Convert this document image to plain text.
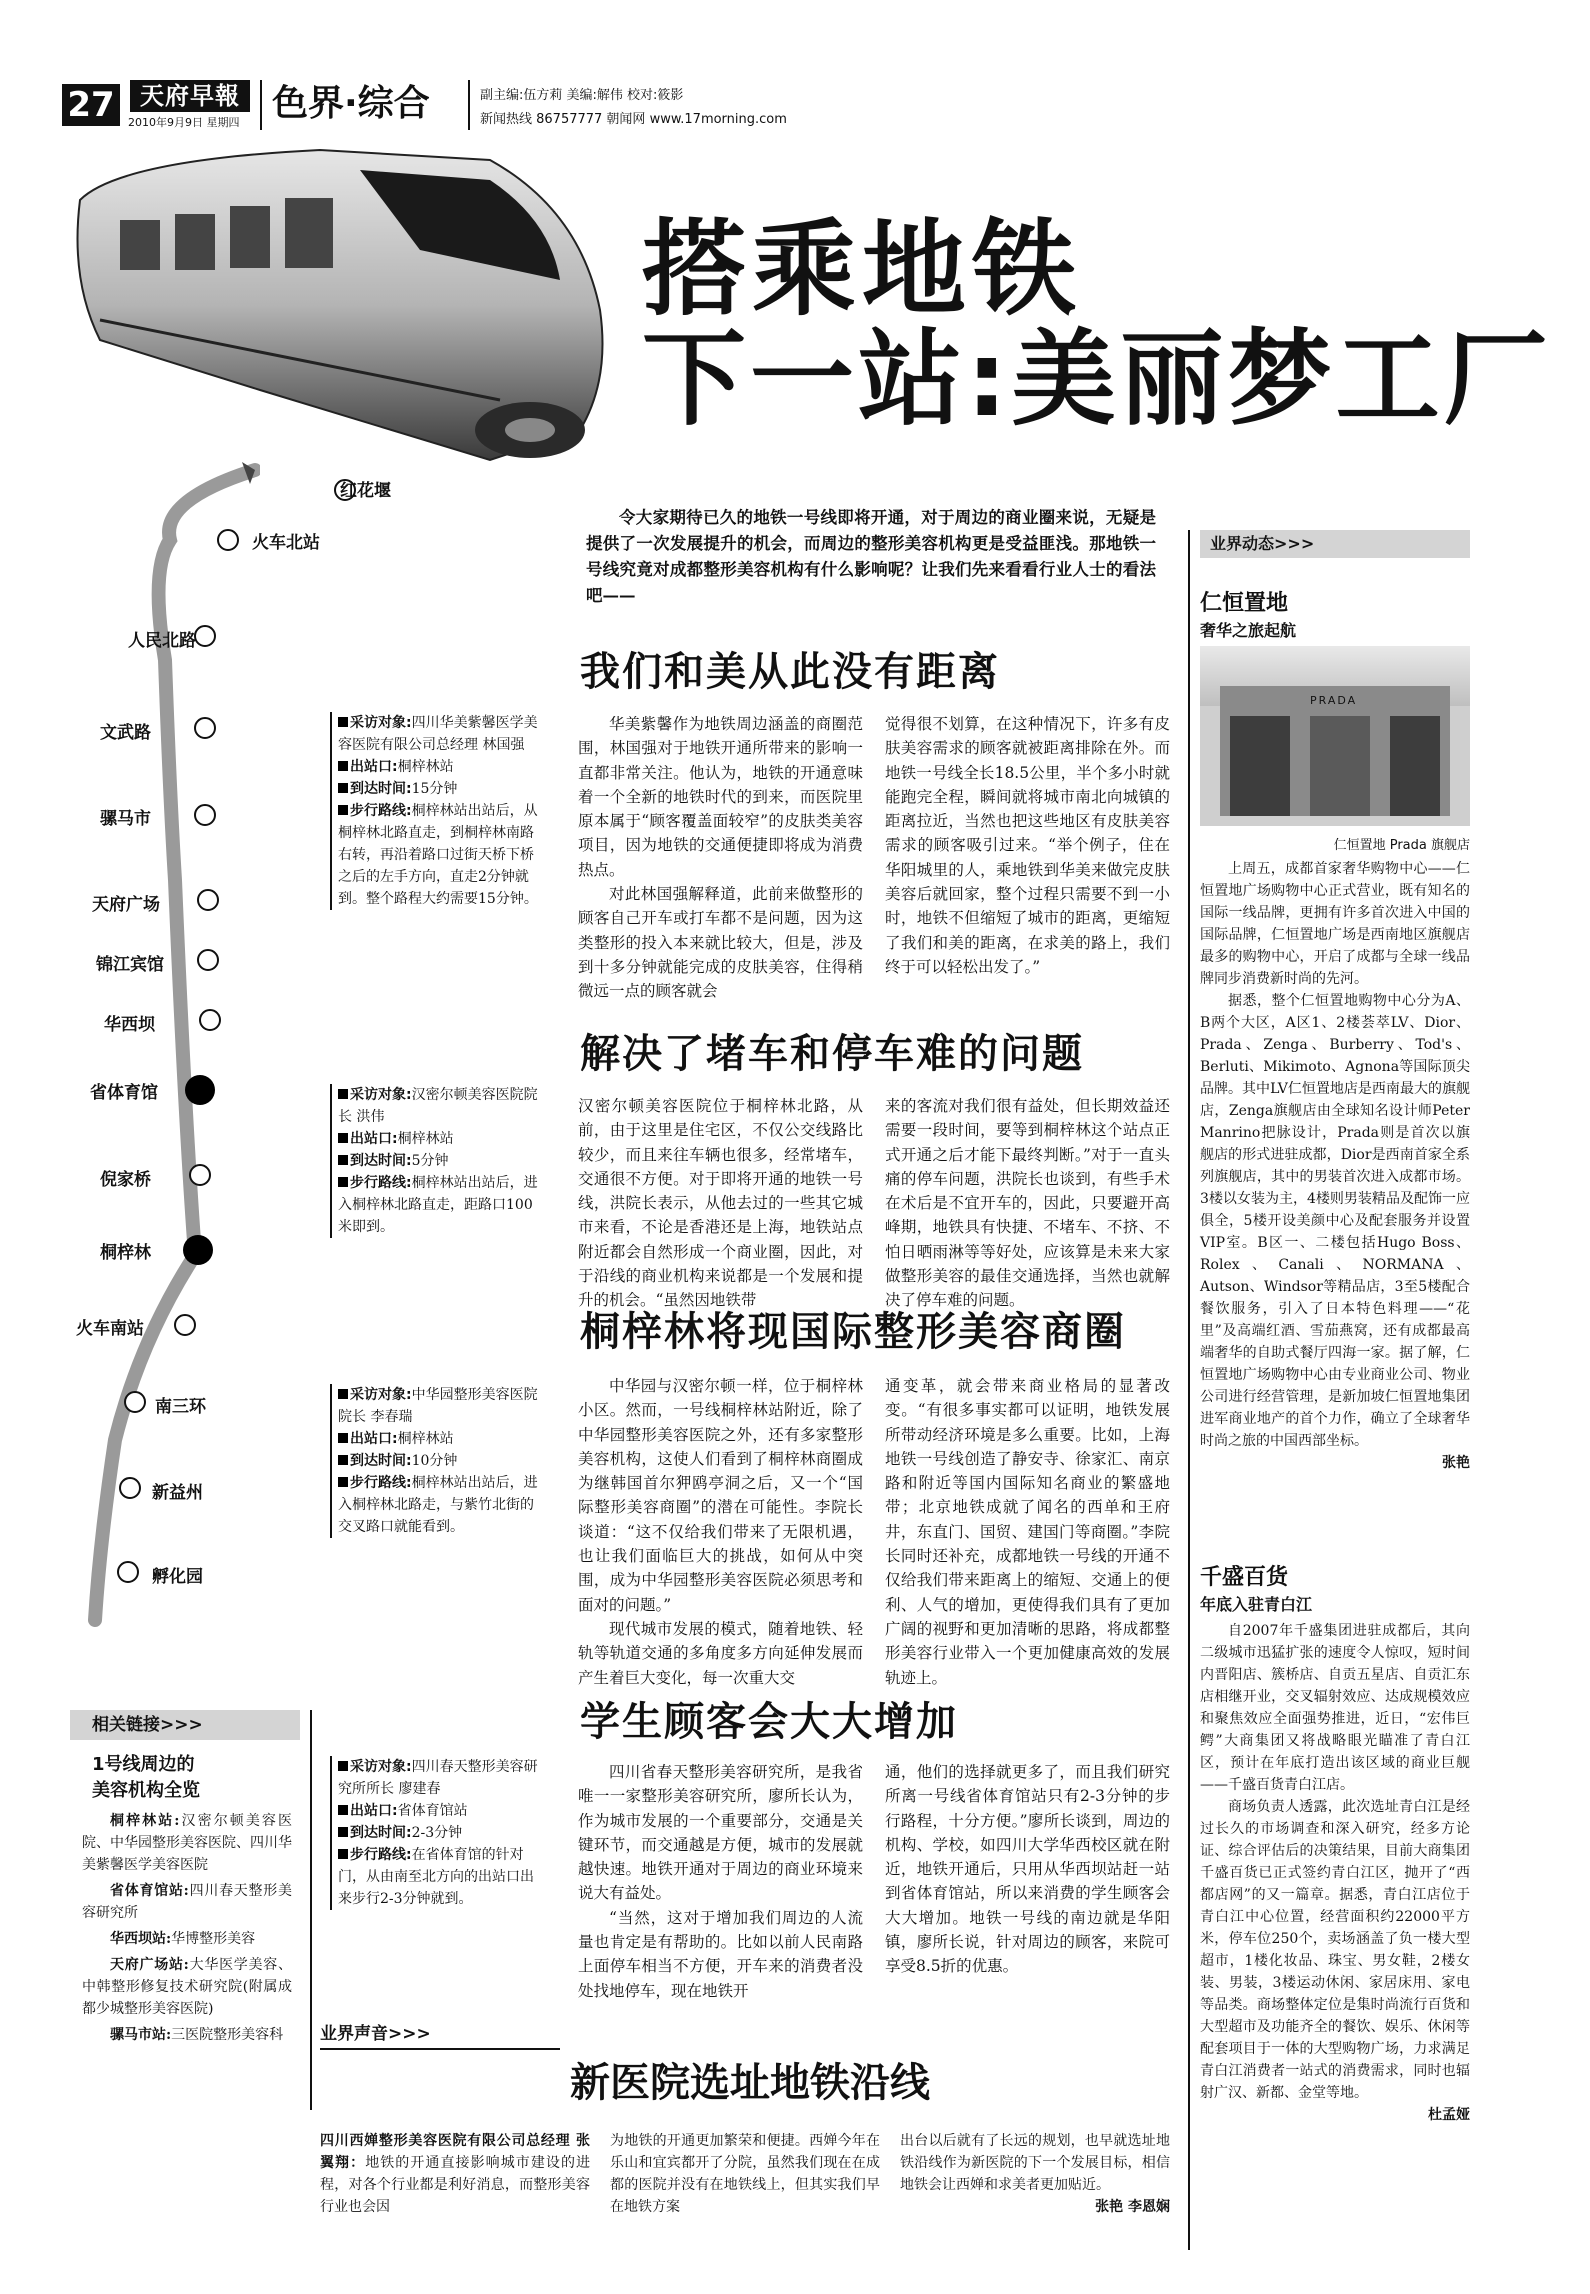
27	天府早報
2010年9月9日 星期四 色界·综合	副主编:伍方莉 美编:解伟 校对:筱影
新闻热线 86757777 朝闻网 www.17morning.com
搭乘地铁
下一站:美丽梦工厂
令大家期待已久的地铁一号线即将开通，对于周边的商业圈来说，无疑是提供了一次发展提升的机会，而周边的整形美容机构更是受益匪浅。那地铁一号线究竟对成都整形美容机构有什么影响呢？让我们先来看看行业人士的看法吧——
红花堰
火车北站
人民北路
文武路
骡马市
天府广场
锦江宾馆
华西坝
省体育馆
倪家桥
桐梓林
火车南站
南三环
新益州
孵化园
我们和美从此没有距离
采访对象:四川华美紫馨医学美容医院有限公司总经理 林国强
出站口:桐梓林站
到达时间:15分钟
步行路线:桐梓林站出站后，从桐梓林北路直走，到桐梓林南路右转，再沿着路口过街天桥下桥之后的左手方向，直走2分钟就到。整个路程大约需要15分钟。

华美紫馨作为地铁周边涵盖的商圈范围，林国强对于地铁开通所带来的影响一直都非常关注。他认为，地铁的开通意味着一个全新的地铁时代的到来，而医院里原本属于“顾客覆盖面较窄”的皮肤类美容项目，因为地铁的交通便捷即将成为消费热点。

对此林国强解释道，此前来做整形的顾客自己开车或打车都不是问题，因为这类整形的投入本来就比较大，但是，涉及到十多分钟就能完成的皮肤美容，住得稍微远一点的顾客就会

觉得很不划算，在这种情况下，许多有皮肤美容需求的顾客就被距离排除在外。而地铁一号线全长18.5公里，半个多小时就能跑完全程，瞬间就将城市南北向城镇的距离拉近，当然也把这些地区有皮肤美容需求的顾客吸引过来。“举个例子，住在华阳城里的人，乘地铁到华美来做完皮肤美容后就回家，整个过程只需要不到一小时，地铁不但缩短了城市的距离，更缩短了我们和美的距离，在求美的路上，我们终于可以轻松出发了。”

解决了堵车和停车难的问题
采访对象:汉密尔顿美容医院院长 洪伟
出站口:桐梓林站
到达时间:5分钟
步行路线:桐梓林站出站后，进入桐梓林北路直走，距路口100米即到。

汉密尔顿美容医院位于桐梓林北路，从前，由于这里是住宅区，不仅公交线路比较少，而且来往车辆也很多，经常堵车，交通很不方便。对于即将开通的地铁一号线，洪院长表示，从他去过的一些其它城市来看，不论是香港还是上海，地铁站点附近都会自然形成一个商业圈，因此，对于沿线的商业机构来说都是一个发展和提升的机会。“虽然因地铁带

来的客流对我们很有益处，但长期效益还需要一段时间，要等到桐梓林这个站点正式开通之后才能下最终判断。”对于一直头痛的停车问题，洪院长也谈到，有些手术在术后是不宜开车的，因此，只要避开高峰期，地铁具有快捷、不堵车、不挤、不怕日晒雨淋等等好处，应该算是未来大家做整形美容的最佳交通选择，当然也就解决了停车难的问题。

桐梓林将现国际整形美容商圈
采访对象:中华园整形美容医院院长 李春瑞
出站口:桐梓林站
到达时间:10分钟
步行路线:桐梓林站出站后，进入桐梓林北路走，与紫竹北街的交叉路口就能看到。

中华园与汉密尔顿一样，位于桐梓林小区。然而，一号线桐梓林站附近，除了中华园整形美容医院之外，还有多家整形美容机构，这使人们看到了桐梓林商圈成为继韩国首尔狎鸥亭洞之后，又一个“国际整形美容商圈”的潜在可能性。李院长谈道：“这不仅给我们带来了无限机遇，也让我们面临巨大的挑战，如何从中突围，成为中华园整形美容医院必须思考和面对的问题。”

现代城市发展的模式，随着地铁、轻轨等轨道交通的多角度多方向延伸发展而产生着巨大变化，每一次重大交

通变革，就会带来商业格局的显著改变。“有很多事实都可以证明，地铁发展所带动经济环境是多么重要。比如，上海地铁一号线创造了静安寺、徐家汇、南京路和附近等国内国际知名商业的繁盛地带；北京地铁成就了闻名的西单和王府井，东直门、国贸、建国门等商圈。”李院长同时还补充，成都地铁一号线的开通不仅给我们带来距离上的缩短、交通上的便利、人气的增加，更使得我们具有了更加广阔的视野和更加清晰的思路，将成都整形美容行业带入一个更加健康高效的发展轨迹上。

学生顾客会大大增加
采访对象:四川春天整形美容研究所所长 廖建春
出站口:省体育馆站
到达时间:2-3分钟
步行路线:在省体育馆的针对门，从由南至北方向的出站口出来步行2-3分钟就到。

四川省春天整形美容研究所，是我省唯一一家整形美容研究所，廖所长认为，作为城市发展的一个重要部分，交通是关键环节，而交通越是方便，城市的发展就越快速。地铁开通对于周边的商业环境来说大有益处。

“当然，这对于增加我们周边的人流量也肯定是有帮助的。比如以前人民南路上面停车相当不方便，开车来的消费者没处找地停车，现在地铁开

通，他们的选择就更多了，而且我们研究所离一号线省体育馆站只有2-3分钟的步行路程，十分方便。”廖所长谈到，周边的机构、学校，如四川大学华西校区就在附近，地铁开通后，只用从华西坝站赶一站到省体育馆站，所以来消费的学生顾客会大大增加。地铁一号线的南边就是华阳镇，廖所长说，针对周边的顾客，来院可享受8.5折的优惠。

相关链接>>>
1号线周边的
美容机构全览

桐梓林站:汉密尔顿美容医院、中华园整形美容医院、四川华美紫馨医学美容医院

省体育馆站:四川春天整形美容研究所

华西坝站:华博整形美容

天府广场站:大华医学美容、中韩整形修复技术研究院(附属成都少城整形美容医院)

骡马市站:三医院整形美容科	业界声音>>>
新医院选址地铁沿线
四川西婵整形美容医院有限公司总经理 张翼翔：地铁的开通直接影响城市建设的进程，对各个行业都是利好消息，而整形美容行业也会因
为地铁的开通更加繁荣和便捷。西婵今年在乐山和宜宾都开了分院，虽然我们现在在成都的医院并没有在地铁线上，但其实我们早在地铁方案
出台以后就有了长远的规划，也早就选址地铁沿线作为新医院的下一个发展目标，相信地铁会让西婵和求美者更加贴近。
张艳 李恩娴
业界动态>>>
仁恒置地
奢华之旅起航
PRADA
仁恒置地 Prada 旗舰店

上周五，成都首家奢华购物中心——仁恒置地广场购物中心正式营业，既有知名的国际一线品牌，更拥有许多首次进入中国的国际品牌，仁恒置地广场是西南地区旗舰店最多的购物中心，开启了成都与全球一线品牌同步消费新时尚的先河。

据悉，整个仁恒置地购物中心分为A、B两个大区，A区1、2楼荟萃LV、Dior、Prada、Zenga、Burberry、Tod's、Berluti、Mikimoto、Agnona等国际顶尖品牌。其中LV仁恒置地店是西南最大的旗舰店，Zenga旗舰店由全球知名设计师Peter Manrino把脉设计，Prada则是首次以旗舰店的形式进驻成都，Dior是西南首家全系列旗舰店，其中的男装首次进入成都市场。3楼以女装为主，4楼则男装精品及配饰一应俱全，5楼开设美颜中心及配套服务并设置VIP室。B区一、二楼包括Hugo Boss、Rolex、Canali、NORMANA、Autson、Windsor等精品店，3至5楼配合餐饮服务，引入了日本特色料理——“花里”及高端红酒、雪茄燕窝，还有成都最高端奢华的自助式餐厅四海一家。据了解，仁恒置地广场购物中心由专业商业公司、物业公司进行经营管理，是新加坡仁恒置地集团进军商业地产的首个力作，确立了全球奢华时尚之旅的中国西部坐标。

张艳
千盛百货
年底入驻青白江

自2007年千盛集团进驻成都后，其向二级城市迅猛扩张的速度令人惊叹，短时间内晋阳店、簇桥店、自贡五星店、自贡汇东店相继开业，交叉辐射效应、达成规模效应和聚焦效应全面强势推进，近日，“宏伟巨鳄”大商集团又将战略眼光瞄准了青白江区，预计在年底打造出该区域的商业巨舰——千盛百货青白江店。

商场负责人透露，此次选址青白江是经过长久的市场调查和深入研究，经多方论证、综合评估后的决策结果，目前大商集团千盛百货已正式签约青白江区，抛开了“西都店网”的又一篇章。据悉，青白江店位于青白江中心位置，经营面积约22000平方米，停车位250个，卖场涵盖了负一楼大型超市，1楼化妆品、珠宝、男女鞋，2楼女装、男装，3楼运动休闲、家居床用、家电等品类。商场整体定位是集时尚流行百货和大型超市及功能齐全的餐饮、娱乐、休闲等配套项目于一体的大型购物广场，力求满足青白江消费者一站式的消费需求，同时也辐射广汉、新都、金堂等地。

杜孟娅
